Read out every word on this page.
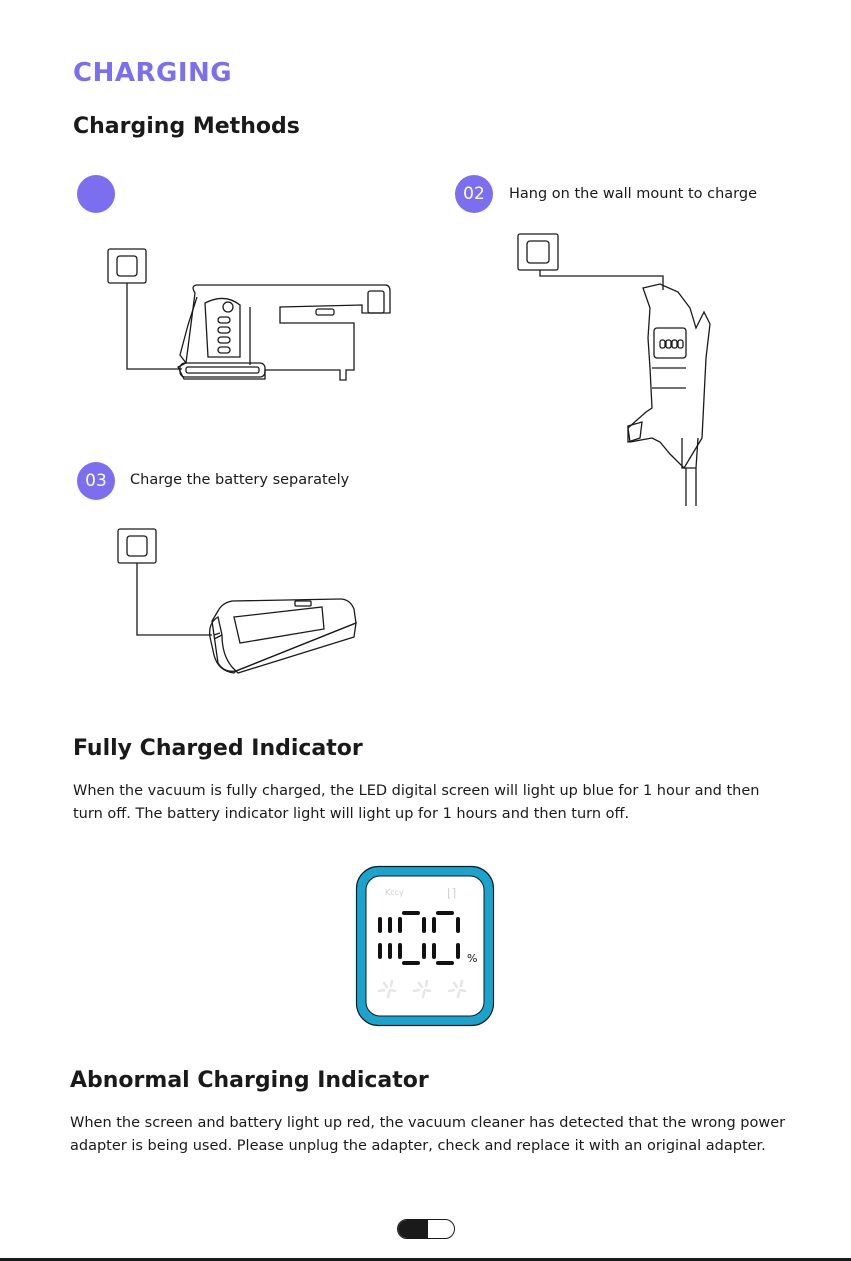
CHARGING
Charging Methods
02	Hang on the wall mount to charge
03	Charge the battery separately
Fully Charged Indicator
When the vacuum is fully charged, the LED digital screen will light up blue for 1 hour and then turn off. The battery indicator light will light up for 1 hours and then turn off.
Kccy	⌊⌉
%
Abnormal Charging Indicator
When the screen and battery light up red, the vacuum cleaner has detected that the wrong power adapter is being used. Please unplug the adapter, check and replace it with an original adapter.
